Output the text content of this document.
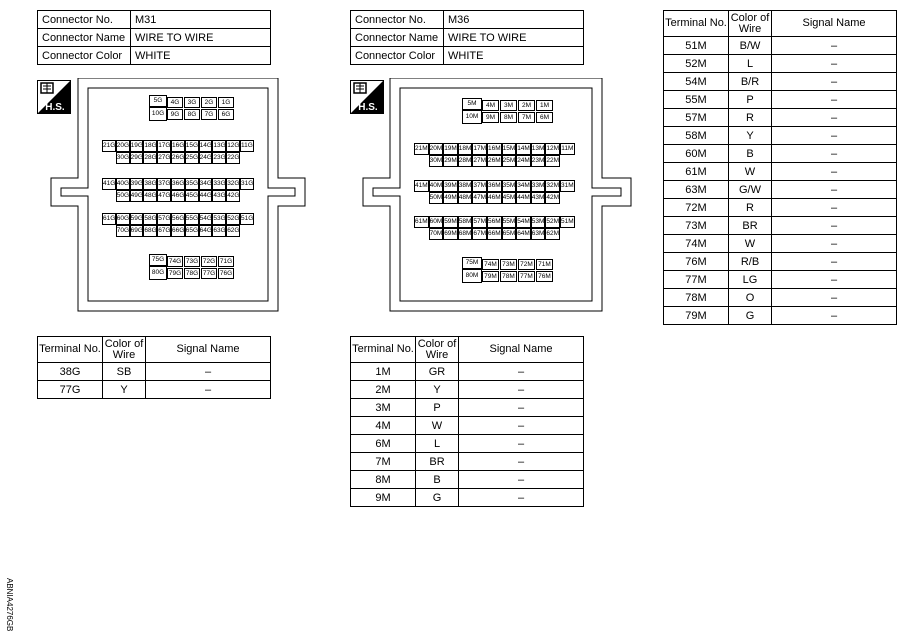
Connector No.	M31
Connector Name	WIRE TO WIRE
Connector Color	WHITE
Connector No.	M36
Connector Name	WIRE TO WIRE
Connector Color	WHITE
H.S.	H.S.
5G
10G
4G
9G
3G
8G
2G
7G
1G
6G
21G 20G 19G 18G 17G 16G 15G 14G 13G 12G 11G
30G 29G 28G 27G 26G 25G 24G 23G 22G
41G 40G 39G 38G 37G 36G 35G 34G 33G 32G 31G
50G 49G 48G 47G 46G 45G 44G 43G 42G
61G 60G 59G 58G 57G 56G 55G 54G 53G 52G 51G
70G 69G 68G 67G 66G 65G 64G 63G 62G
75G
80G
74G
79G
73G
78G
72G
77G
71G
76G
5M
10M
4M
9M
3M
8M
2M
7M
1M
6M
21M 20M 19M 18M 17M 16M 15M 14M 13M 12M 11M
30M 29M 28M 27M 26M 25M 24M 23M 22M
41M 40M 39M 38M 37M 36M 35M 34M 33M 32M 31M
50M 49M 48M 47M 46M 45M 44M 43M 42M
61M 60M 59M 58M 57M 56M 55M 54M 53M 52M 51M
70M 69M 68M 67M 66M 65M 64M 63M 62M
75M
80M
74M
79M
73M
78M
72M
77M
71M
76M
Terminal No.	Color of Wire	Signal Name
38G	SB	–
77G	Y	–
Terminal No.	Color of Wire	Signal Name
1M	GR	–
2M	Y	–
3M	P	–
4M	W	–
6M	L	–
7M	BR	–
8M	B	–
9M	G	–
Terminal No.	Color of Wire	Signal Name
51M	B/W	–
52M	L	–
54M	B/R	–
55M	P	–
57M	R	–
58M	Y	–
60M	B	–
61M	W	–
63M	G/W	–
72M	R	–
73M	BR	–
74M	W	–
76M	R/B	–
77M	LG	–
78M	O	–
79M	G	–
ABNIA4276GB
